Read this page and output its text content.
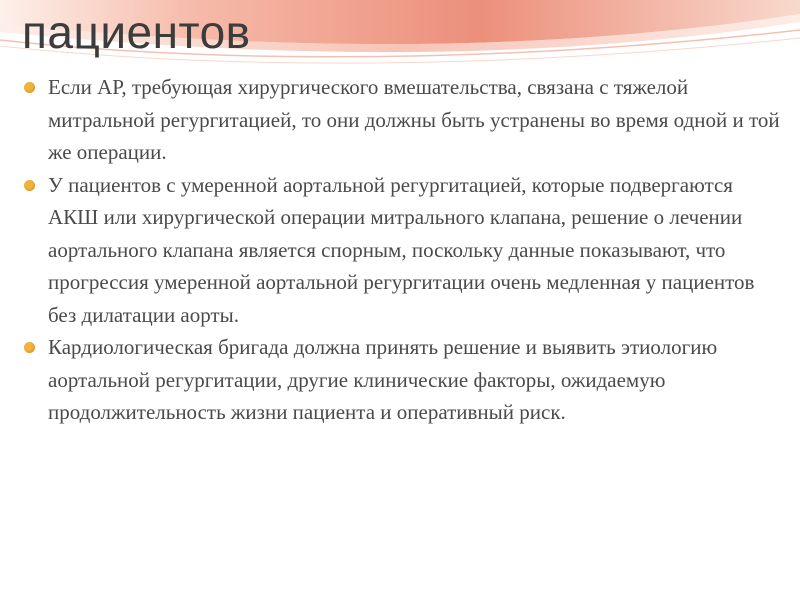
пациентов
Если АР, требующая хирургического вмешательства, связана с тяжелой митральной регургитацией, то они должны быть устранены во время одной и той же операции.
У пациентов с умеренной аортальной регургитацией, которые подвергаются АКШ или хирургической операции митрального клапана, решение о лечении аортального клапана является спорным, поскольку данные показывают, что прогрессия умеренной аортальной регургитации очень медленная у пациентов без дилатации аорты.
Кардиологическая бригада должна принять решение и выявить этиологию аортальной регургитации, другие клинические факторы, ожидаемую продолжительность жизни пациента и оперативный риск.
